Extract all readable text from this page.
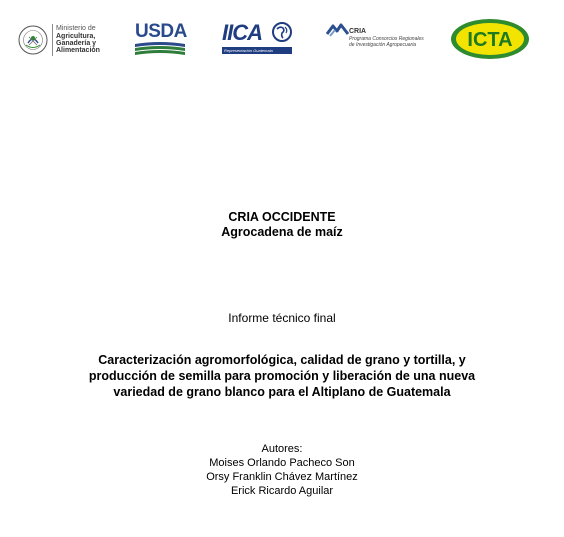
Ministerio de
Agricultura,
Ganadería y
Alimentación
USDA IICA
Representación Guatemala
CRIA
Programa Consorcios Regionales
de Investigación Agropecuaria	ICTA
CRIA OCCIDENTE
Agrocadena de maíz
Informe técnico final
Caracterización agromorfológica, calidad de grano y tortilla, y
producción de semilla para promoción y liberación de una nueva
variedad de grano blanco para el Altiplano de Guatemala
Autores:
Moises Orlando Pacheco Son
Orsy Franklin Chávez Martínez
Erick Ricardo Aguilar
